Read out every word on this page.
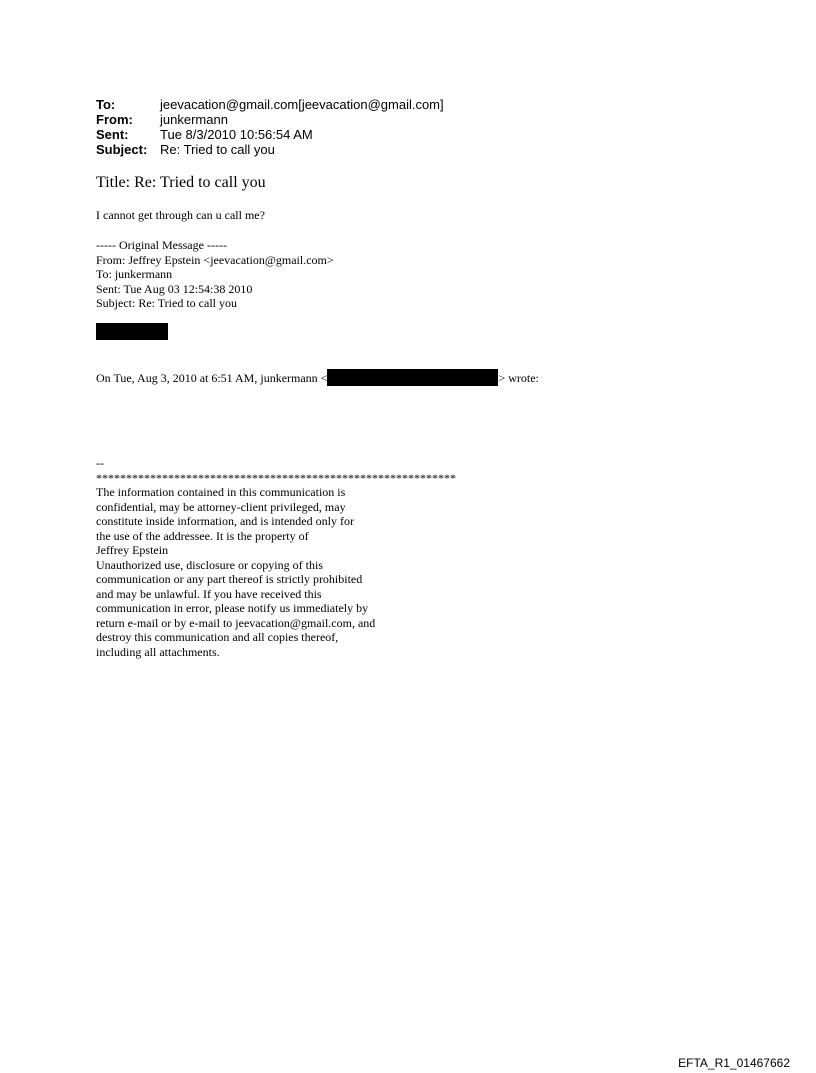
To:	jeevacation@gmail.com[jeevacation@gmail.com]
From:	junkermann
Sent:	Tue 8/3/2010 10:56:54 AM
Subject: Re: Tried to call you
Title: Re: Tried to call you
I cannot get through can u call me?
----- Original Message -----
From: Jeffrey Epstein <jeevacation@gmail.com>
To: junkermann
Sent: Tue Aug 03 12:54:38 2010
Subject: Re: Tried to call you
On Tue, Aug 3, 2010 at 6:51 AM, junkermann <	> wrote:
--
************************************************************
The information contained in this communication is
confidential, may be attorney-client privileged, may
constitute inside information, and is intended only for
the use of the addressee. It is the property of
Jeffrey Epstein
Unauthorized use, disclosure or copying of this
communication or any part thereof is strictly prohibited
and may be unlawful. If you have received this
communication in error, please notify us immediately by
return e-mail or by e-mail to jeevacation@gmail.com, and
destroy this communication and all copies thereof,
including all attachments.
EFTA_R1_01467662
